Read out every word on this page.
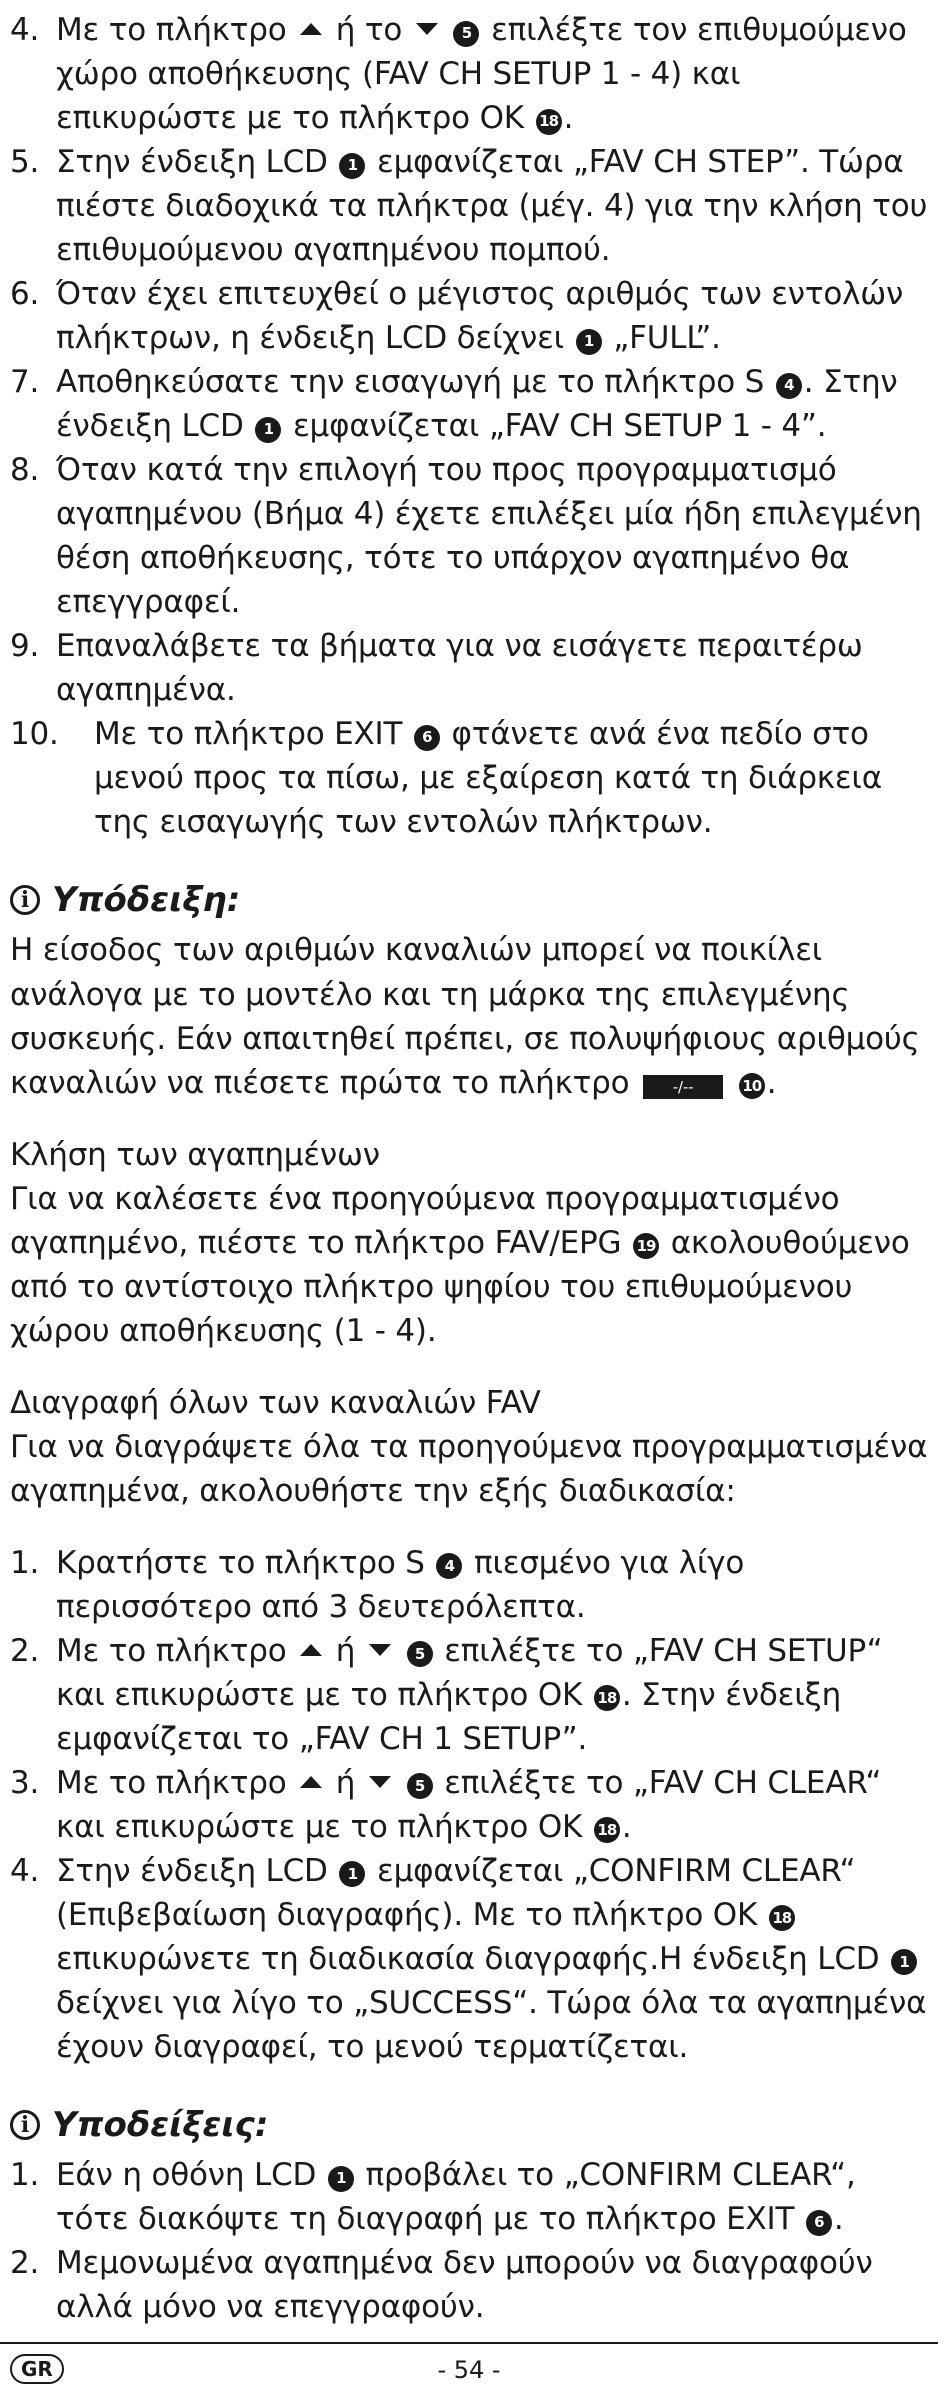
4. Με το πλήκτρο ή το	5 επιλέξτε τον επιθυμούμενο χώρο αποθήκευσης (FAV CH SETUP 1 - 4) και επικυρώστε με το πλήκτρο OK 18 .
5. Στην ένδειξη LCD 1 εμφανίζεται „FAV CH STEP”. Τώρα πιέστε διαδοχικά τα πλήκτρα (μέγ. 4) για την κλήση του επιθυμούμενου αγαπημένου πομπού.
6. Όταν έχει επιτευχθεί ο μέγιστος αριθμός των εντολών πλήκτρων, η ένδειξη LCD δείχνει 1 „FULL”.
7. Αποθηκεύσατε την εισαγωγή με το πλήκτρο S 4 . Στην ένδειξη LCD 1 εμφανίζεται „FAV CH SETUP 1 - 4”.
8. Όταν κατά την επιλογή του προς προγραμματισμό αγαπημένου (Βήμα 4) έχετε επιλέξει μία ήδη επιλεγμένη θέση αποθήκευσης, τότε το υπάρχον αγαπημένο θα επεγγραφεί.
9. Επαναλάβετε τα βήματα για να εισάγετε περαιτέρω αγαπημένα.
10. Με το πλήκτρο EXIT 6 φτάνετε ανά ένα πεδίο στο μενού προς τα πίσω, με εξαίρεση κατά τη διάρκεια της εισαγωγής των εντολών πλήκτρων.
i Υπόδειξη:

Η είσοδος των αριθμών καναλιών μπορεί να ποικίλει ανάλογα με το μοντέλο και τη μάρκα της επιλεγμένης συσκευής. Εάν απαιτηθεί πρέπει, σε πολυψήφιους αριθμούς καναλιών να πιέσετε πρώτα το πλήκτρο	-/--	10 .

Κλήση των αγαπημένων

Για να καλέσετε ένα προηγούμενα προγραμματισμένο αγαπημένο, πιέστε το πλήκτρο FAV/EPG 19 ακολουθούμενο από το αντίστοιχο πλήκτρο ψηφίου του επιθυμούμενου χώρου αποθήκευσης (1 - 4).

Διαγραφή όλων των καναλιών FAV

Για να διαγράψετε όλα τα προηγούμενα προγραμματισμένα αγαπημένα, ακολουθήστε την εξής διαδικασία:

1. Κρατήστε το πλήκτρο S 4 πιεσμένο για λίγο περισσότερο από 3 δευτερόλεπτα.
2. Με το πλήκτρο ή	5 επιλέξτε το „FAV CH SETUP“ και επικυρώστε με το πλήκτρο OK 18 . Στην ένδειξη εμφανίζεται το „FAV CH 1 SETUP”.
3. Με το πλήκτρο ή	5 επιλέξτε το „FAV CH CLEAR“ και επικυρώστε με το πλήκτρο OK 18 .
4. Στην ένδειξη LCD 1 εμφανίζεται „CONFIRM CLEAR“ (Επιβεβαίωση διαγραφής). Με το πλήκτρο OK 18 επικυρώνετε τη διαδικασία διαγραφής.Η ένδειξη LCD 1 δείχνει για λίγο το „SUCCESS“. Τώρα όλα τα αγαπημένα έχουν διαγραφεί, το μενού τερματίζεται.
i Υποδείξεις:
1. Εάν η οθόνη LCD 1 προβάλει το „CONFIRM CLEAR“, τότε διακόψτε τη διαγραφή με το πλήκτρο EXIT 6 .
2. Μεμονωμένα αγαπημένα δεν μπορούν να διαγραφούν αλλά μόνο να επεγγραφούν.
GR	- 54 -
